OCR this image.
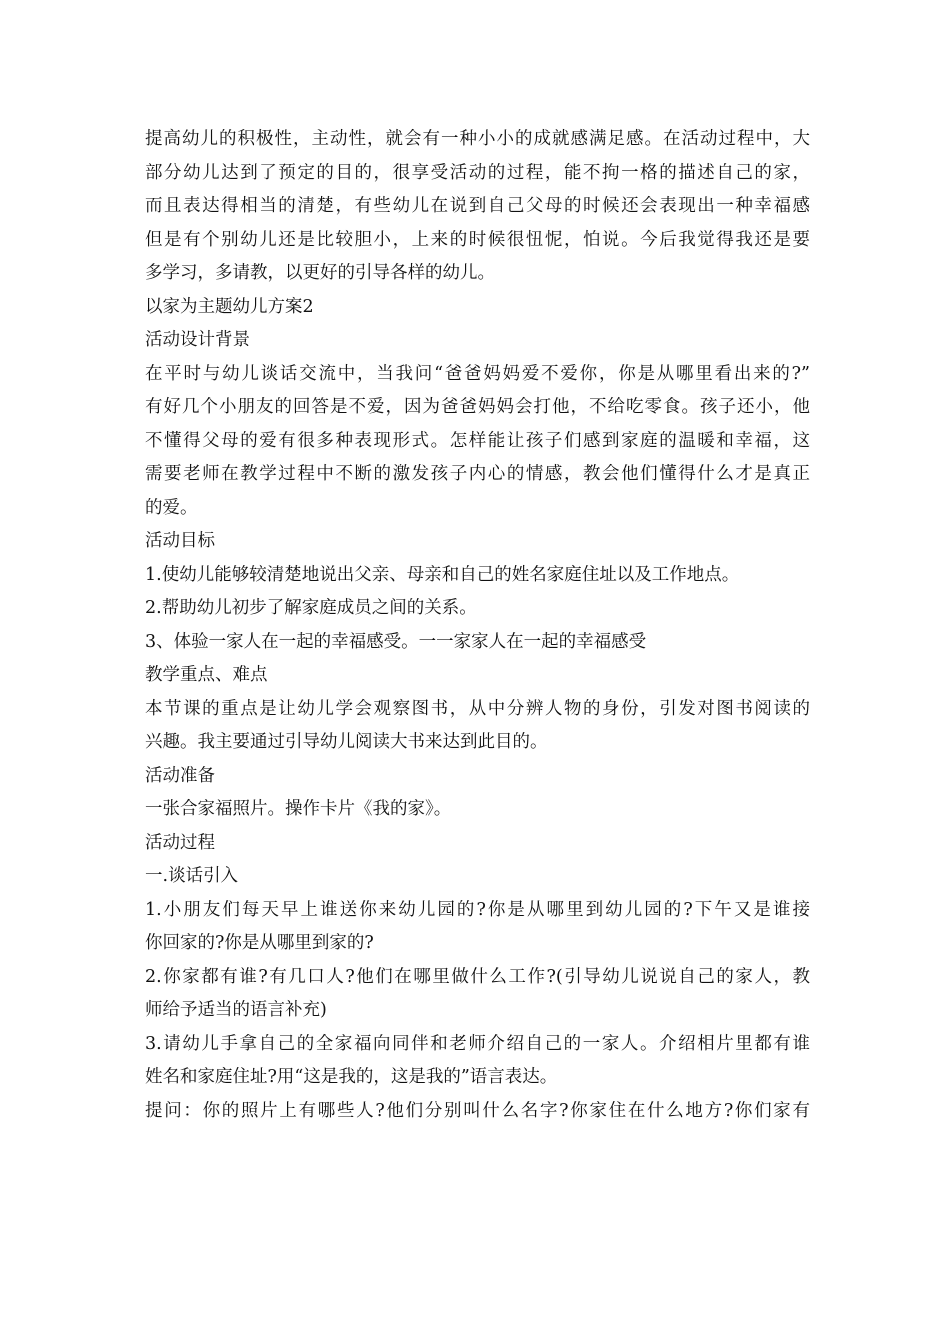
提高幼儿的积极性，主动性，就会有一种小小的成就感满足感。在活动过程中，大

部分幼儿达到了预定的目的，很享受活动的过程，能不拘一格的描述自己的家，

而且表达得相当的清楚，有些幼儿在说到自己父母的时候还会表现出一种幸福感

但是有个别幼儿还是比较胆小，上来的时候很忸怩，怕说。今后我觉得我还是要

多学习，多请教，以更好的引导各样的幼儿。

以家为主题幼儿方案2

活动设计背景

在平时与幼儿谈话交流中，当我问“爸爸妈妈爱不爱你，你是从哪里看出来的?”

有好几个小朋友的回答是不爱，因为爸爸妈妈会打他，不给吃零食。孩子还小，他

不懂得父母的爱有很多种表现形式。怎样能让孩子们感到家庭的温暖和幸福，这

需要老师在教学过程中不断的激发孩子内心的情感，教会他们懂得什么才是真正

的爱。

活动目标

1.使幼儿能够较清楚地说出父亲、母亲和自己的姓名家庭住址以及工作地点。

2.帮助幼儿初步了解家庭成员之间的关系。

3、体验一家人在一起的幸福感受。一一家家人在一起的幸福感受

教学重点、难点

本节课的重点是让幼儿学会观察图书，从中分辨人物的身份，引发对图书阅读的

兴趣。我主要通过引导幼儿阅读大书来达到此目的。

活动准备

一张合家福照片。操作卡片《我的家》。

活动过程

一.谈话引入

1.小朋友们每天早上谁送你来幼儿园的?你是从哪里到幼儿园的?下午又是谁接

你回家的?你是从哪里到家的?

2.你家都有谁?有几口人?他们在哪里做什么工作?(引导幼儿说说自己的家人，教

师给予适当的语言补充)

3.请幼儿手拿自己的全家福向同伴和老师介绍自己的一家人。介绍相片里都有谁

姓名和家庭住址?用“这是我的，这是我的”语言表达。

提问：你的照片上有哪些人?他们分别叫什么名字?你家住在什么地方?你们家有
